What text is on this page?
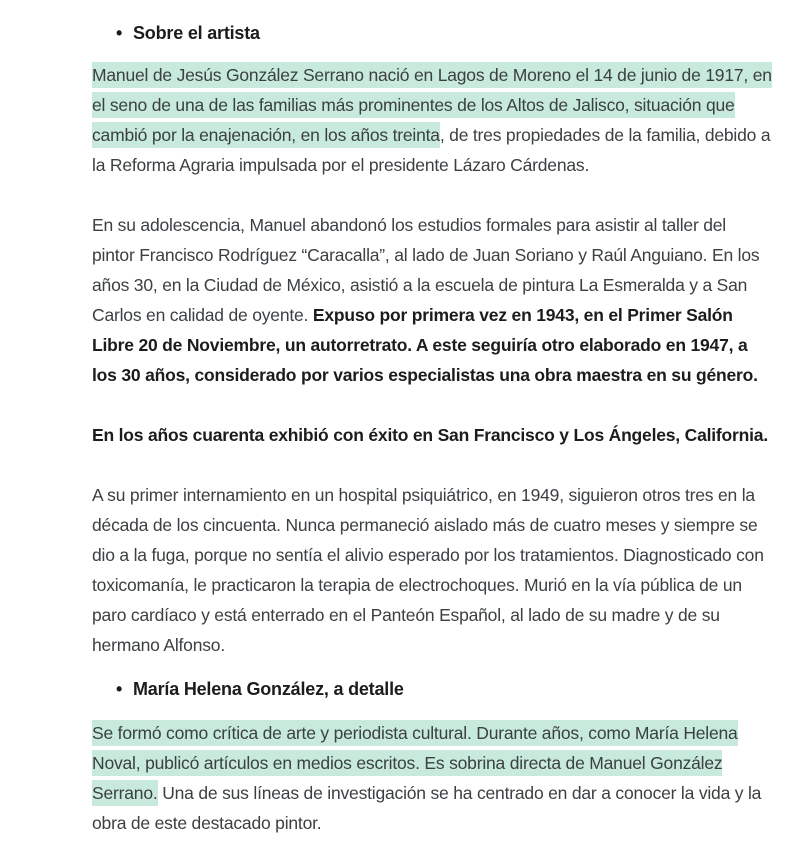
• Sobre el artista

Manuel de Jesús González Serrano nació en Lagos de Moreno el 14 de junio de 1917, en el seno de una de las familias más prominentes de los Altos de Jalisco, situación que cambió por la enajenación, en los años treinta, de tres propiedades de la familia, debido a la Reforma Agraria impulsada por el presidente Lázaro Cárdenas.

En su adolescencia, Manuel abandonó los estudios formales para asistir al taller del pintor Francisco Rodríguez “Caracalla”, al lado de Juan Soriano y Raúl Anguiano. En los años 30, en la Ciudad de México, asistió a la escuela de pintura La Esmeralda y a San Carlos en calidad de oyente. Expuso por primera vez en 1943, en el Primer Salón Libre 20 de Noviembre, un autorretrato. A este seguiría otro elaborado en 1947, a los 30 años, considerado por varios especialistas una obra maestra en su género.

En los años cuarenta exhibió con éxito en San Francisco y Los Ángeles, California.

A su primer internamiento en un hospital psiquiátrico, en 1949, siguieron otros tres en la década de los cincuenta. Nunca permaneció aislado más de cuatro meses y siempre se dio a la fuga, porque no sentía el alivio esperado por los tratamientos. Diagnosticado con toxicomanía, le practicaron la terapia de electrochoques. Murió en la vía pública de un paro cardíaco y está enterrado en el Panteón Español, al lado de su madre y de su hermano Alfonso.

• María Helena González, a detalle

Se formó como crítica de arte y periodista cultural. Durante años, como María Helena Noval, publicó artículos en medios escritos. Es sobrina directa de Manuel González Serrano. Una de sus líneas de investigación se ha centrado en dar a conocer la vida y la obra de este destacado pintor.
